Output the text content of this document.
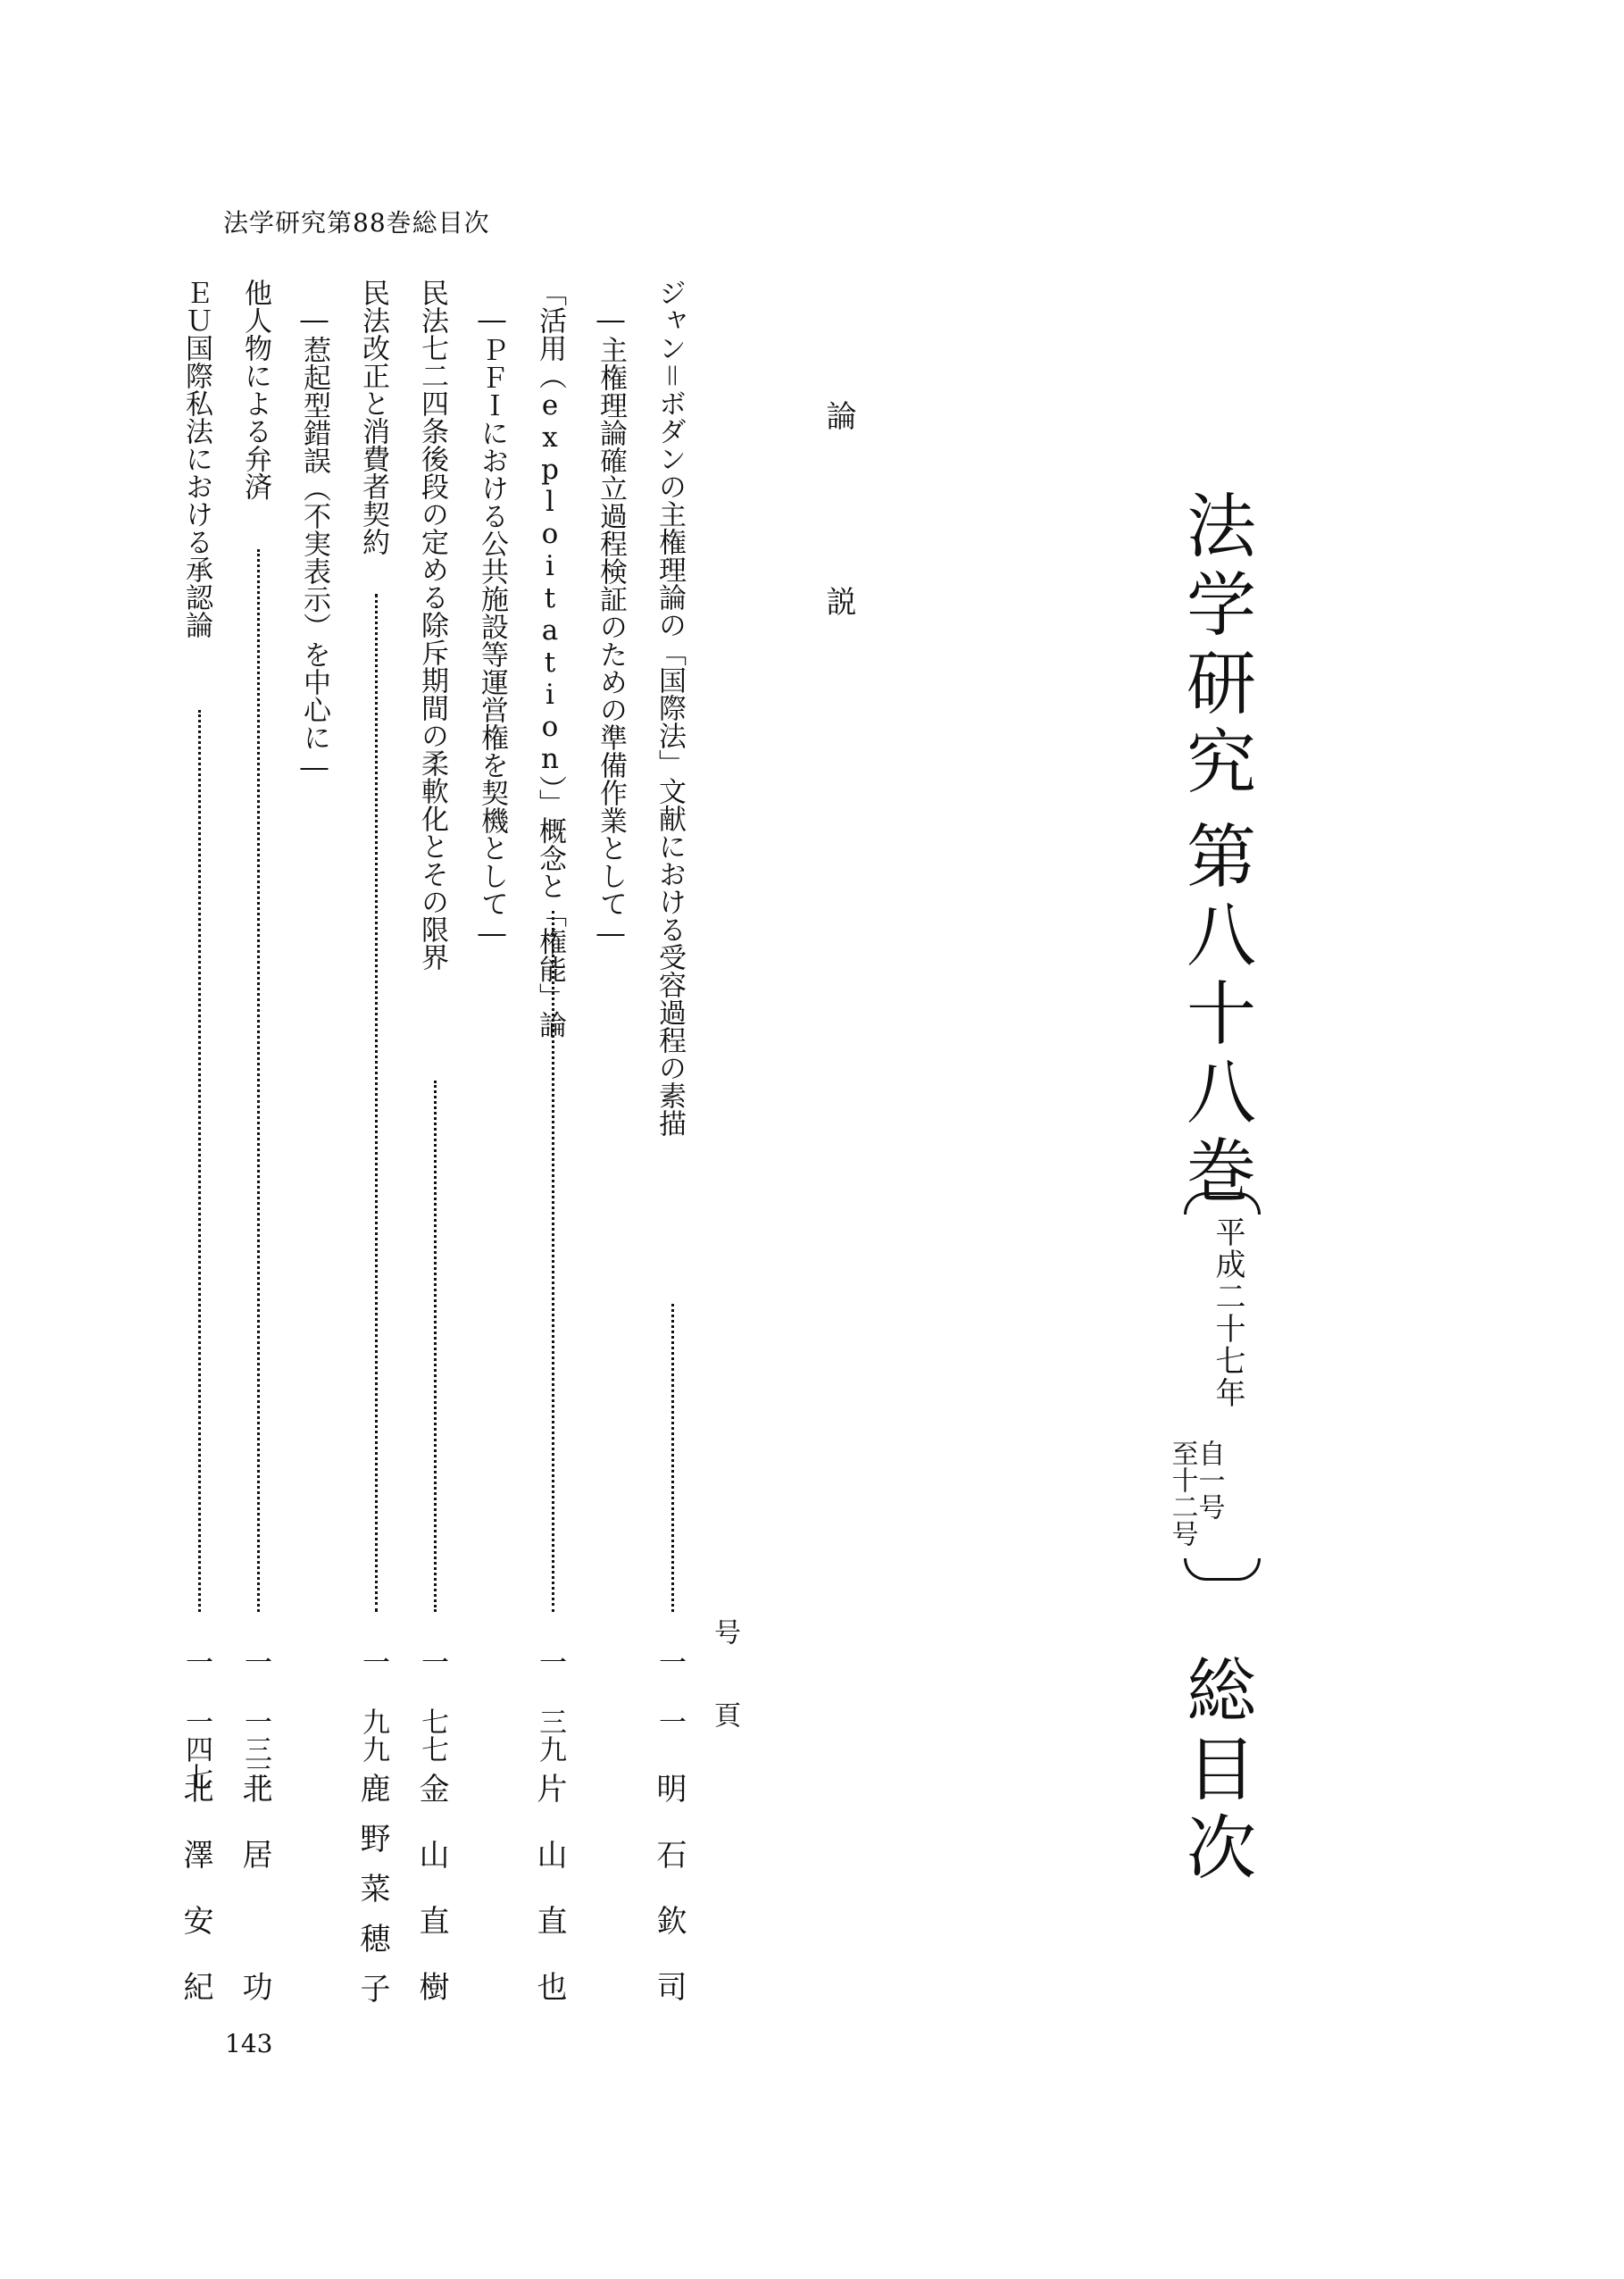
法学研究第88巻総目次
法学研究
第八十八巻
平成二十七年
自一号
至十二号
総目次
論　説
号
頁
ジャン＝ボダンの主権理論の「国際法」文献における受容過程の素描
―主権理論確立過程検証のための準備作業として―
一
一
明石欽司
「活用（exploitation）」概念と「権能」論
―ＰＦＩにおける公共施設等運営権を契機として―
一
三九
片山直也
民法七二四条後段の定める除斥期間の柔軟化とその限界
一
七七
金山直樹
民法改正と消費者契約
―惹起型錯誤（不実表示）を中心に―
一
九九
鹿野菜穂子
他人物による弁済
一
一三三
北居　功
ＥＵ国際私法における承認論
一
一四七
北澤安紀
143
